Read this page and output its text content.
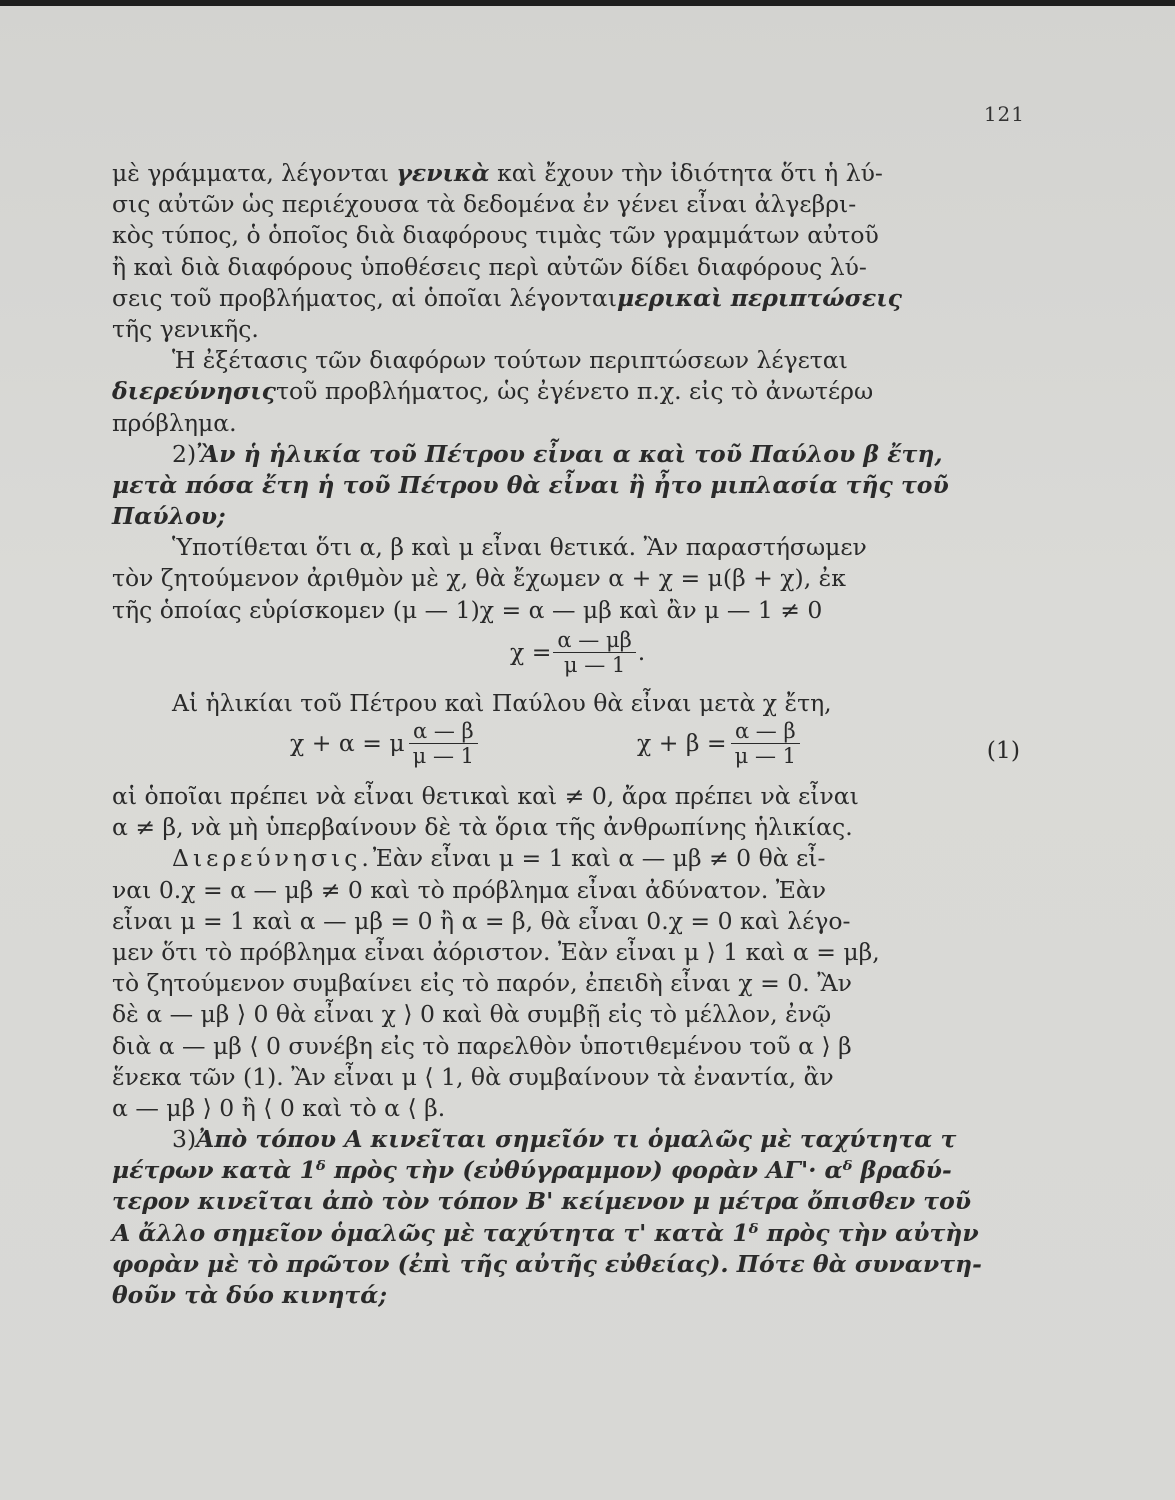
121
μὲ γράμματα, λέγονται γενικὰ καὶ ἔχουν τὴν ἰδιότητα ὅτι ἡ λύ-
σις αὐτῶν ὡς περιέχουσα τὰ δεδομένα ἐν γένει εἶναι ἀλγεβρι-
κὸς τύπος, ὁ ὁποῖος διὰ διαφόρους τιμὰς τῶν γραμμάτων αὐτοῦ
ἢ καὶ διὰ διαφόρους ὑποθέσεις περὶ αὐτῶν δίδει διαφόρους λύ-
σεις τοῦ προβλήματος, αἱ ὁποῖαι λέγονται μερικαὶ περιπτώσεις
τῆς γενικῆς.
Ἡ ἐξέτασις τῶν διαφόρων τούτων περιπτώσεων λέγεται
διερεύνησις τοῦ προβλήματος, ὡς ἐγένετο π.χ. εἰς τὸ ἀνωτέρω
πρόβλημα.
2) Ἂν ἡ ἡλικία τοῦ Πέτρου εἶναι α καὶ τοῦ Παύλου β ἔτη,
μετὰ πόσα ἔτη ἡ τοῦ Πέτρου θὰ εἶναι ἢ ἦτο μιπλασία τῆς τοῦ
Παύλου;
Ὑποτίθεται ὅτι α, β καὶ μ εἶναι θετικά. Ἂν παραστήσωμεν
τὸν ζητούμενον ἀριθμὸν μὲ χ, θὰ ἔχωμεν α + χ = μ(β + χ), ἐκ
τῆς ὁποίας εὑρίσκομεν (μ — 1)χ = α — μβ καὶ ἂν μ — 1 ≠ 0
$\chi = \frac{\alpha — \mu\beta}{\mu — 1}$ .
Αἱ ἡλικίαι τοῦ Πέτρου καὶ Παύλου θὰ εἶναι μετὰ χ ἔτη,
χ + α = μ $\frac{\alpha — \beta}{\mu — 1}$	$\chi + \beta = \frac{\alpha — \beta}{\mu — 1}$	(1)
αἱ ὁποῖαι πρέπει νὰ εἶναι θετικαὶ καὶ ≠ 0, ἄρα πρέπει νὰ εἶναι
α ≠ β, νὰ μὴ ὑπερβαίνουν δὲ τὰ ὅρια τῆς ἀνθρωπίνης ἡλικίας.
Διερεύνησις. Ἐὰν εἶναι μ = 1 καὶ α — μβ ≠ 0 θὰ εἶ-
ναι 0.χ = α — μβ ≠ 0 καὶ τὸ πρόβλημα εἶναι ἀδύνατον. Ἐὰν
εἶναι μ = 1 καὶ α — μβ = 0 ἢ α = β, θὰ εἶναι 0.χ = 0 καὶ λέγο-
μεν ὅτι τὸ πρόβλημα εἶναι ἀόριστον. Ἐὰν εἶναι μ ⟩ 1 καὶ α = μβ,
τὸ ζητούμενον συμβαίνει εἰς τὸ παρόν, ἐπειδὴ εἶναι χ = 0. Ἂν
δὲ α — μβ ⟩ 0 θὰ εἶναι χ ⟩ 0 καὶ θὰ συμβῇ εἰς τὸ μέλλον, ἐνῷ
διὰ α — μβ ⟨ 0 συνέβη εἰς τὸ παρελθὸν ὑποτιθεμένου τοῦ α ⟩ β
ἕνεκα τῶν (1). Ἂν εἶναι μ ⟨ 1, θὰ συμβαίνουν τὰ ἐναντία, ἂν
α — μβ ⟩ 0 ἢ ⟨ 0 καὶ τὸ α ⟨ β.
3) Ἀπὸ τόπου Α κινεῖται σημεῖόν τι ὁμαλῶς μὲ ταχύτητα τ
μέτρων κατὰ 1ᵟ πρὸς τὴν (εὐθύγραμμον) φορὰν ΑΓ'· αᵟ βραδύ-
τερον κινεῖται ἀπὸ τὸν τόπον Β' κείμενον μ μέτρα ὄπισθεν τοῦ
Α ἄλλο σημεῖον ὁμαλῶς μὲ ταχύτητα τ' κατὰ 1ᵟ πρὸς τὴν αὐτὴν
φορὰν μὲ τὸ πρῶτον (ἐπὶ τῆς αὐτῆς εὐθείας). Πότε θὰ συναντη-
θοῦν τὰ δύο κινητά;
